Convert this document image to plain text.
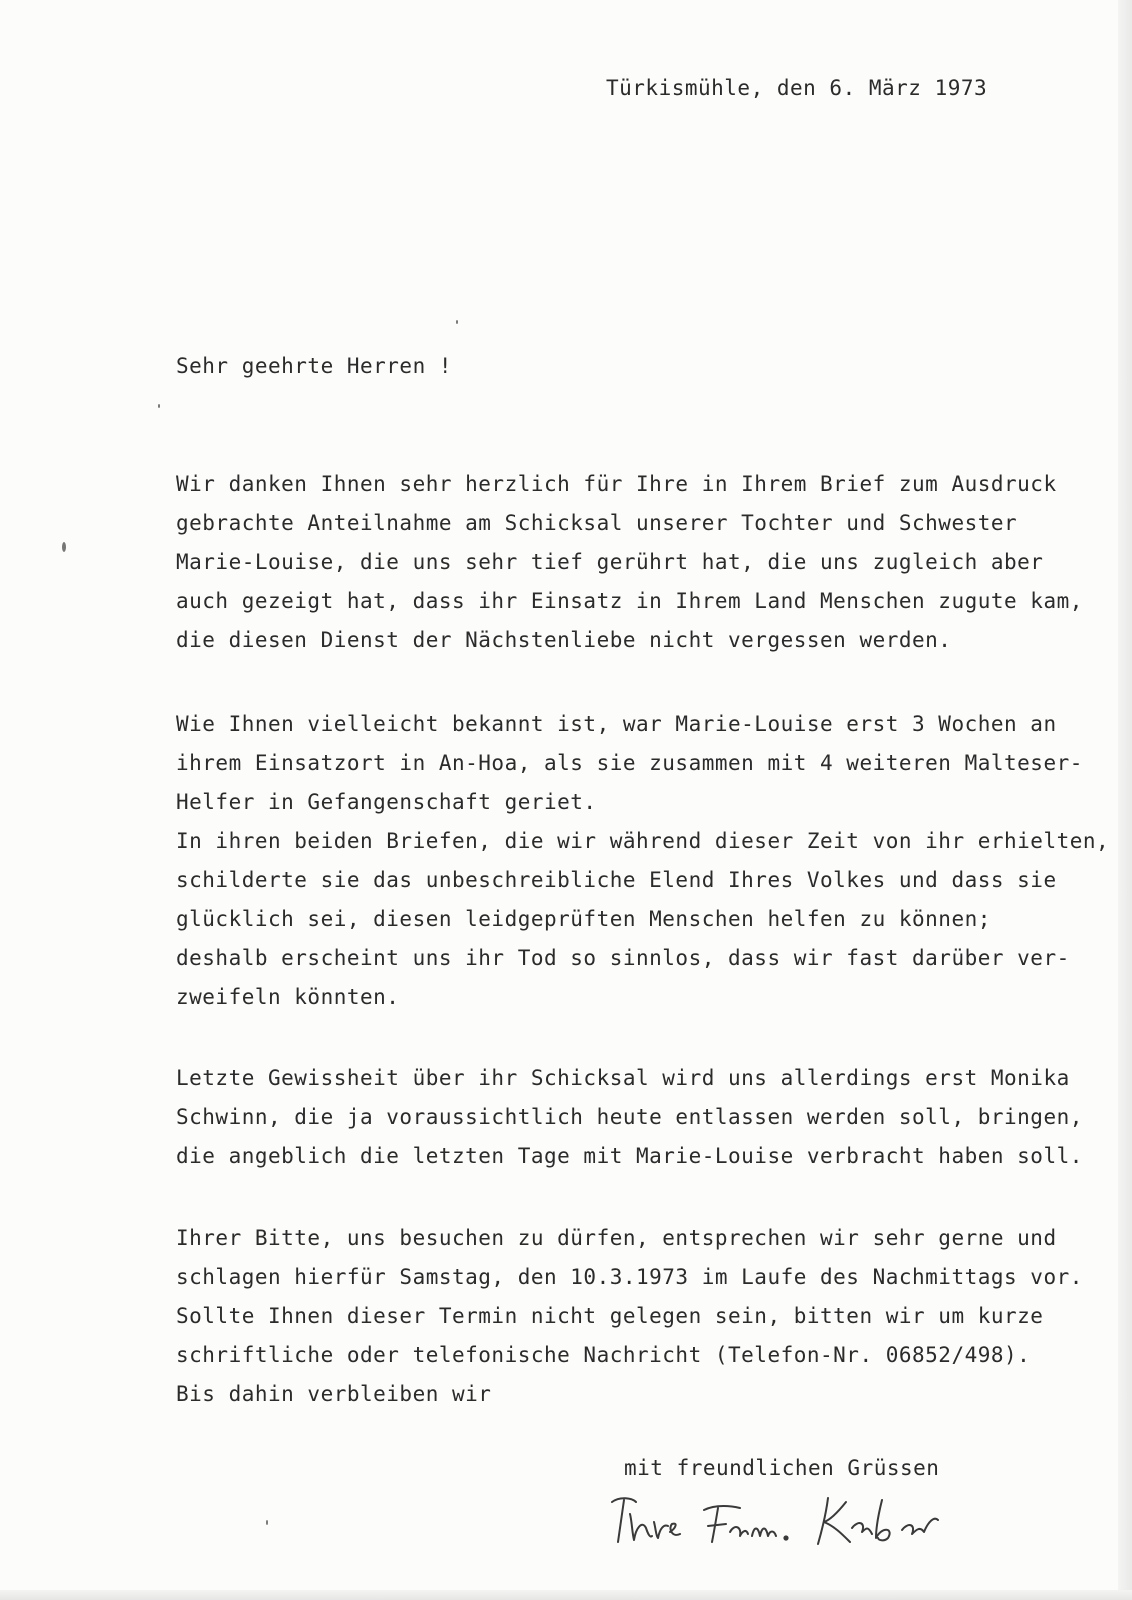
Türkismühle, den 6. März 1973
Sehr geehrte Herren !
Wir danken Ihnen sehr herzlich für Ihre in Ihrem Brief zum Ausdruck
gebrachte Anteilnahme am Schicksal unserer Tochter und Schwester
Marie-Louise, die uns sehr tief gerührt hat, die uns zugleich aber
auch gezeigt hat, dass ihr Einsatz in Ihrem Land Menschen zugute kam,
die diesen Dienst der Nächstenliebe nicht vergessen werden.
Wie Ihnen vielleicht bekannt ist, war Marie-Louise erst 3 Wochen an
ihrem Einsatzort in An-Hoa, als sie zusammen mit 4 weiteren Malteser-
Helfer in Gefangenschaft geriet.
In ihren beiden Briefen, die wir während dieser Zeit von ihr erhielten,
schilderte sie das unbeschreibliche Elend Ihres Volkes und dass sie
glücklich sei, diesen leidgeprüften Menschen helfen zu können;
deshalb erscheint uns ihr Tod so sinnlos, dass wir fast darüber ver-
zweifeln könnten.
Letzte Gewissheit über ihr Schicksal wird uns allerdings erst Monika
Schwinn, die ja voraussichtlich heute entlassen werden soll, bringen,
die angeblich die letzten Tage mit Marie-Louise verbracht haben soll.
Ihrer Bitte, uns besuchen zu dürfen, entsprechen wir sehr gerne und
schlagen hierfür Samstag, den 10.3.1973 im Laufe des Nachmittags vor.
Sollte Ihnen dieser Termin nicht gelegen sein, bitten wir um kurze
schriftliche oder telefonische Nachricht (Telefon-Nr. 06852/498).
Bis dahin verbleiben wir
mit freundlichen Grüssen
